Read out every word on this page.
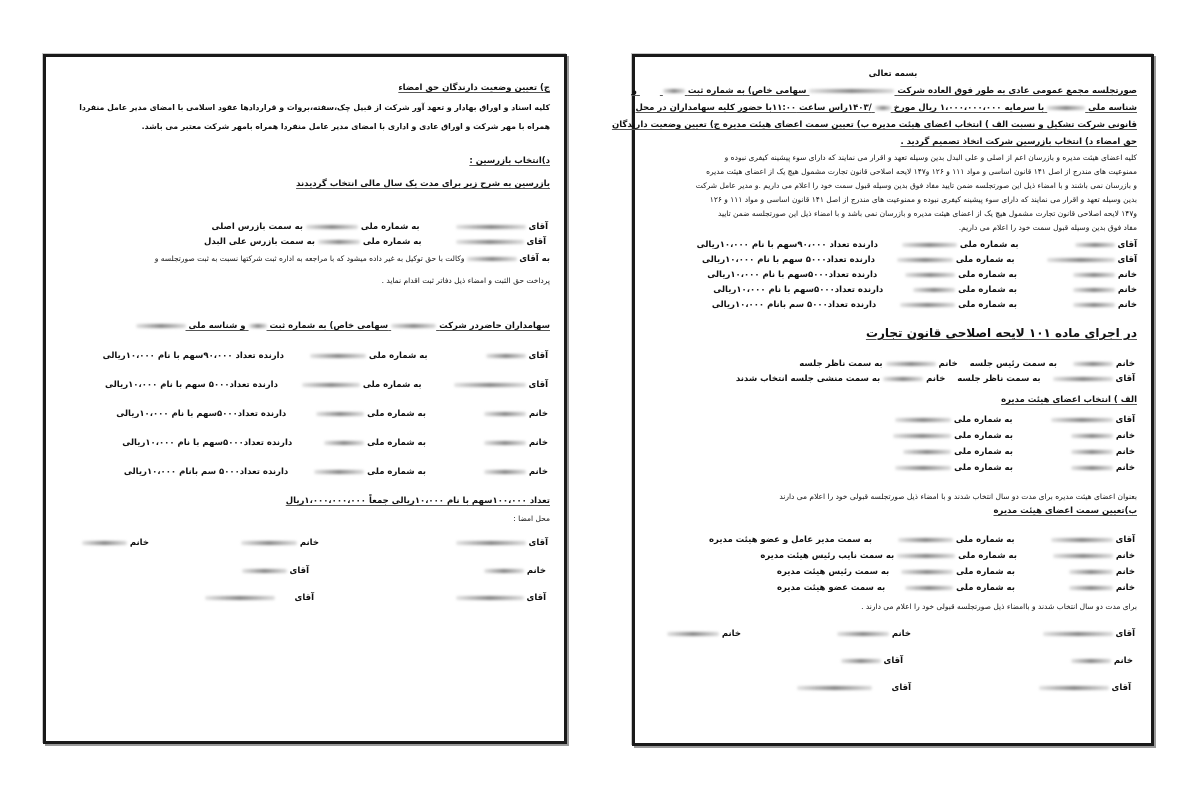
ج) تعیین وضعیت دارندگان حق امضاء
کلیه اسناد و اوراق بهادار و تعهد آور شرکت از قبیل چک،سفته،بروات و قراردادها عقود اسلامی با امضای مدیر عامل منفردا
همراه با مهر شرکت و اوراق عادی و اداری با امضای مدیر عامل منفردا همراه بامهر شرکت معتبر می باشد.
د)انتخاب بازرسین :
بازرسین به شرح زیر برای مدت یک سال مالی انتخاب گردیدند
آقای   به شماره ملی  به سمت بازرس اصلی
آقای   به شماره ملی  به سمت بازرس علی البدل
به آقای  وکالت با حق توکیل به غیر داده میشود که با مراجعه به اداره ثبت شرکتها نسبت به ثبت صورتجلسه و
پرداخت حق الثبت و امضاء ذیل دفاتر ثبت اقدام نماید .
سهامداران حاضردر شرکت  سهامی خاص) به شماره ثبت  و شناسه ملی
آقای   به شماره ملی   دارنده تعداد ۹۰،۰۰۰سهم با نام ۱۰،۰۰۰ریالی
آقای   به شماره ملی   دارنده تعداد۵۰۰۰ سهم با نام ۱۰،۰۰۰ریالی
خانم   به شماره ملی   دارنده تعداد۵۰۰۰سهم با نام ۱۰،۰۰۰ریالی
خانم   به شماره ملی   دارنده تعداد۵۰۰۰سهم با نام ۱۰،۰۰۰ریالی
خانم   به شماره ملی   دارنده تعداد۵۰۰۰ سم بانام ۱۰،۰۰۰ریالی
تعداد ۱۰۰،۰۰۰سهم با نام ۱۰،۰۰۰ریالی جمعاً ۱،۰۰۰،۰۰۰،۰۰۰ریال
محل امضا :
آقای
خانم
خانم
خانم
آقای
آقای
آقای
بسمه تعالی
صورتجلسه مجمع عمومی عادی به طور فوق العاده شرکت  سهامی خاص) به شماره ثبت   و
شناسه ملی  با سرمایه ۱،۰۰۰،۰۰۰،۰۰۰ ریال مورخ  /۱۴۰۳راس ساعت ۱۱:۰۰با حضور کلیه سهامداران در محل
قانونی شرکت تشکیل و نسبت الف ) انتخاب اعضای هیئت مدیره ب) تعیین سمت اعضای هیئت مدیره ج) تعیین وضعیت دارندگان
حق امضاء د) انتخاب بازرسین شرکت اتخاذ تصمیم گردید .
کلیه اعضای هیئت مدیره و بازرسان اعم از اصلی و علی البدل بدین وسیله تعهد و اقرار می نمایند که دارای سوء پیشینه کیفری نبوده و
ممنوعیت های مندرج از اصل ۱۴۱ قانون اساسی و مواد ۱۱۱ و ۱۲۶ و۱۴۷ لایحه اصلاحی قانون تجارت مشمول هیچ یک از اعضای هیئت مدیره
و بازرسان نمی باشند و با امضاء ذیل این صورتجلسه ضمن تایید مفاد فوق بدین وسیله قبول سمت خود را اعلام می داریم .و مدیر عامل شرکت
بدین وسیله تعهد و اقرار می نمایند که دارای سوء پیشینه کیفری نبوده و ممنوعیت های مندرج از اصل ۱۴۱ قانون اساسی و مواد ۱۱۱ و ۱۲۶
و۱۴۷ لایحه اصلاحی قانون تجارت مشمول هیچ یک از اعضای هیئت مدیره و بازرسان نمی باشد و با امضاء ذیل این صورتجلسه ضمن تایید
مفاد فوق بدین وسیله قبول سمت خود را اعلام می داریم.
آقای   به شماره ملی   دارنده تعداد ۹۰،۰۰۰سهم با نام ۱۰،۰۰۰ریالی
آقای   به شماره ملی   دارنده تعداد۵۰۰۰ سهم با نام ۱۰،۰۰۰ریالی
خانم   به شماره ملی   دارنده تعداد۵۰۰۰سهم با نام ۱۰،۰۰۰ریالی
خانم   به شماره ملی   دارنده تعداد۵۰۰۰سهم با نام ۱۰،۰۰۰ریالی
خانم   به شماره ملی   دارنده تعداد۵۰۰۰ سم بانام ۱۰،۰۰۰ریالی
در اجرای ماده ۱۰۱ لایحه اصلاحی قانون تجارت
خانم   به سمت رئیس جلسه  خانم  به سمت ناظر جلسه
آقای   به سمت ناظر جلسه  خانم  به سمت منشی جلسه انتخاب شدند
الف ) انتخاب اعضای هیئت مدیره
آقای   به شماره ملی
خانم   به شماره ملی
خانم   به شماره ملی
خانم   به شماره ملی
بعنوان اعضای هیئت مدیره برای مدت دو سال انتخاب شدند و با امضاء ذیل صورتجلسه قبولی خود را اعلام می دارند
ب)تعیین سمت اعضای هیئت مدیره
آقای   به شماره ملی   به سمت مدیر عامل و عضو هیئت مدیره
خانم   به شماره ملی  به سمت نایب رئیس هیئت مدیره
خانم   به شماره ملی   به سمت رئیس هیئت مدیره
خانم   به شماره ملی   به سمت عضو هیئت مدیره
برای مدت دو سال انتخاب شدند و باامضاء ذیل صورتجلسه قبولی خود را اعلام می دارند .
آقای
خانم
خانم
خانم
آقای
آقای
آقای
